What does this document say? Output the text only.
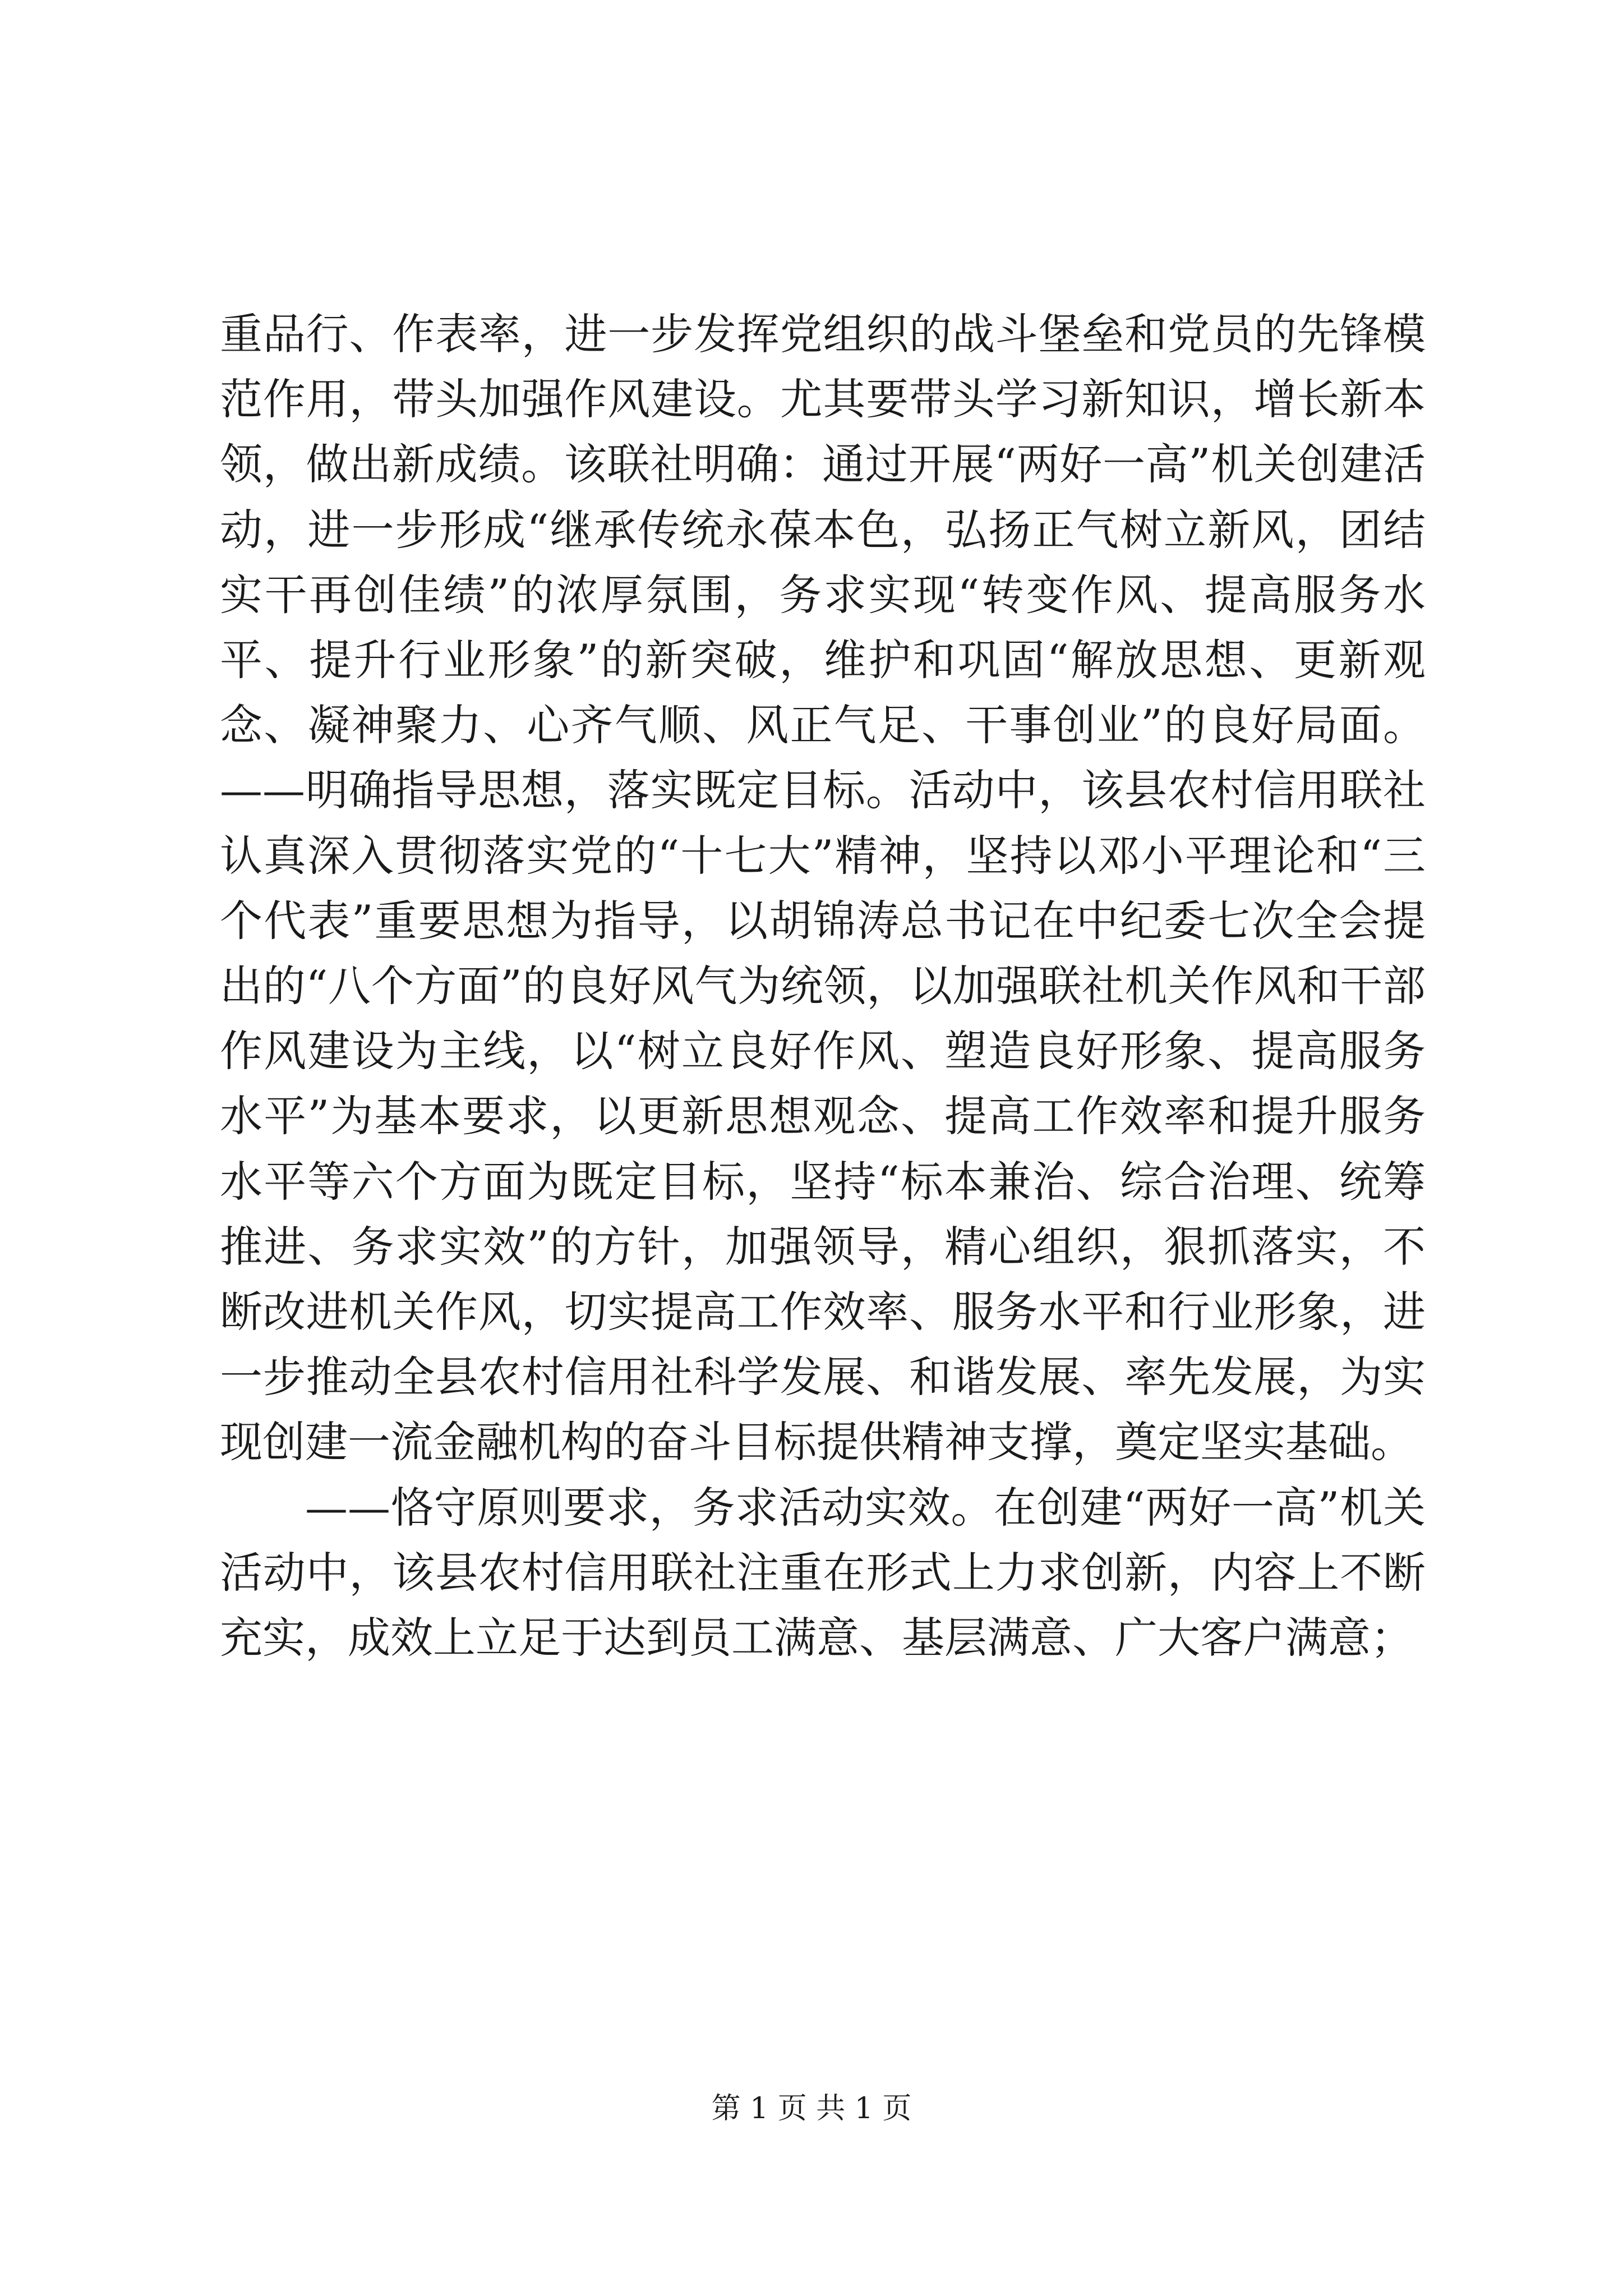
重品行、作表率，进一步发挥党组织的战斗堡垒和党员的先锋模范作用，带头加强作风建设。尤其要带头学习新知识，增长新本领，做出新成绩。该联社明确：通过开展“两好一高”机关创建活动，进一步形成“继承传统永葆本色，弘扬正气树立新风，团结实干再创佳绩”的浓厚氛围，务求实现“转变作风、提高服务水平、提升行业形象”的新突破，维护和巩固“解放思想、更新观念、凝神聚力、心齐气顺、风正气足、干事创业”的良好局面。——明确指导思想，落实既定目标。活动中，该县农村信用联社认真深入贯彻落实党的“十七大”精神，坚持以邓小平理论和“三个代表”重要思想为指导，以胡锦涛总书记在中纪委七次全会提出的“八个方面”的良好风气为统领，以加强联社机关作风和干部作风建设为主线，以“树立良好作风、塑造良好形象、提高服务水平”为基本要求，以更新思想观念、提高工作效率和提升服务水平等六个方面为既定目标，坚持“标本兼治、综合治理、统筹推进、务求实效”的方针，加强领导，精心组织，狠抓落实，不断改进机关作风，切实提高工作效率、服务水平和行业形象，进一步推动全县农村信用社科学发展、和谐发展、率先发展，为实现创建一流金融机构的奋斗目标提供精神支撑，奠定坚实基础。

——恪守原则要求，务求活动实效。在创建“两好一高”机关活动中，该县农村信用联社注重在形式上力求创新，内容上不断充实，成效上立足于达到员工满意、基层满意、广大客户满意；

第 1 页 共 1 页
